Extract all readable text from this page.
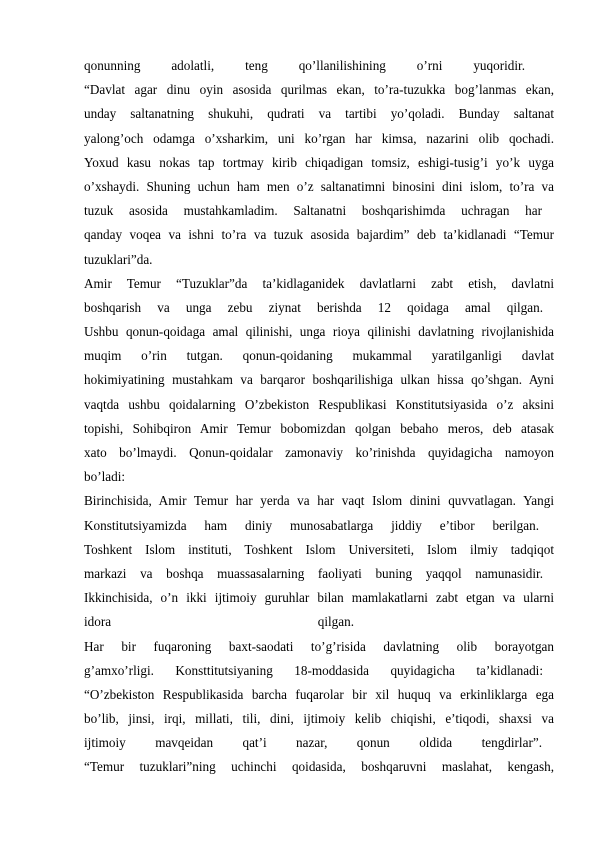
qonunning adolatli, teng qo’llanilishining o’rni yuqoridir.
“Davlat agar dinu oyin asosida qurilmas ekan, to’ra-tuzukka bog’lanmas ekan,
unday saltanatning shukuhi, qudrati va tartibi yo’qoladi. Bunday saltanat
yalong’och odamga o’xsharkim, uni ko’rgan har kimsa, nazarini olib qochadi.
Yoxud kasu nokas tap tortmay kirib chiqadigan tomsiz, eshigi-tusig’i yo’k uyga
o’xshaydi. Shuning uchun ham men o’z saltanatimni binosini dini islom, to’ra va
tuzuk asosida mustahkamladim. Saltanatni boshqarishimda uchragan har
qanday voqea va ishni to’ra va tuzuk asosida bajardim” deb ta’kidlanadi “Temur
tuzuklari”da.
Amir Temur “Tuzuklar”da ta’kidlaganidek davlatlarni zabt etish, davlatni
boshqarish va unga zebu ziynat berishda 12 qoidaga amal qilgan.
Ushbu qonun-qoidaga amal qilinishi, unga rioya qilinishi davlatning rivojlanishida
muqim o’rin tutgan. qonun-qoidaning mukammal yaratilganligi davlat
hokimiyatining mustahkam va barqaror boshqarilishiga ulkan hissa qo’shgan. Ayni
vaqtda ushbu qoidalarning O’zbekiston Respublikasi Konstitutsiyasida o’z aksini
topishi, Sohibqiron Amir Temur bobomizdan qolgan bebaho meros, deb atasak
xato bo’lmaydi. Qonun-qoidalar zamonaviy ko’rinishda quyidagicha namoyon
bo’ladi:
Birinchisida, Amir Temur har yerda va har vaqt Islom dinini quvvatlagan. Yangi
Konstitutsiyamizda ham diniy munosabatlarga jiddiy e’tibor berilgan.
Toshkent Islom instituti, Toshkent Islom Universiteti, Islom ilmiy tadqiqot
markazi va boshqa muassasalarning faoliyati buning yaqqol namunasidir.
Ikkinchisida, o’n ikki ijtimoiy guruhlar bilan mamlakatlarni zabt etgan va ularni
idora qilgan.
Har bir fuqaroning baxt-saodati to’g’risida davlatning olib borayotgan
g’amxo’rligi. Konsttitutsiyaning 18-moddasida quyidagicha ta’kidlanadi:
“O’zbekiston Respublikasida barcha fuqarolar bir xil huquq va erkinliklarga ega
bo’lib, jinsi, irqi, millati, tili, dini, ijtimoiy kelib chiqishi, e’tiqodi, shaxsi va
ijtimoiy mavqeidan qat’i nazar, qonun oldida tengdirlar”.
“Temur tuzuklari”ning uchinchi qoidasida, boshqaruvni maslahat, kengash,
